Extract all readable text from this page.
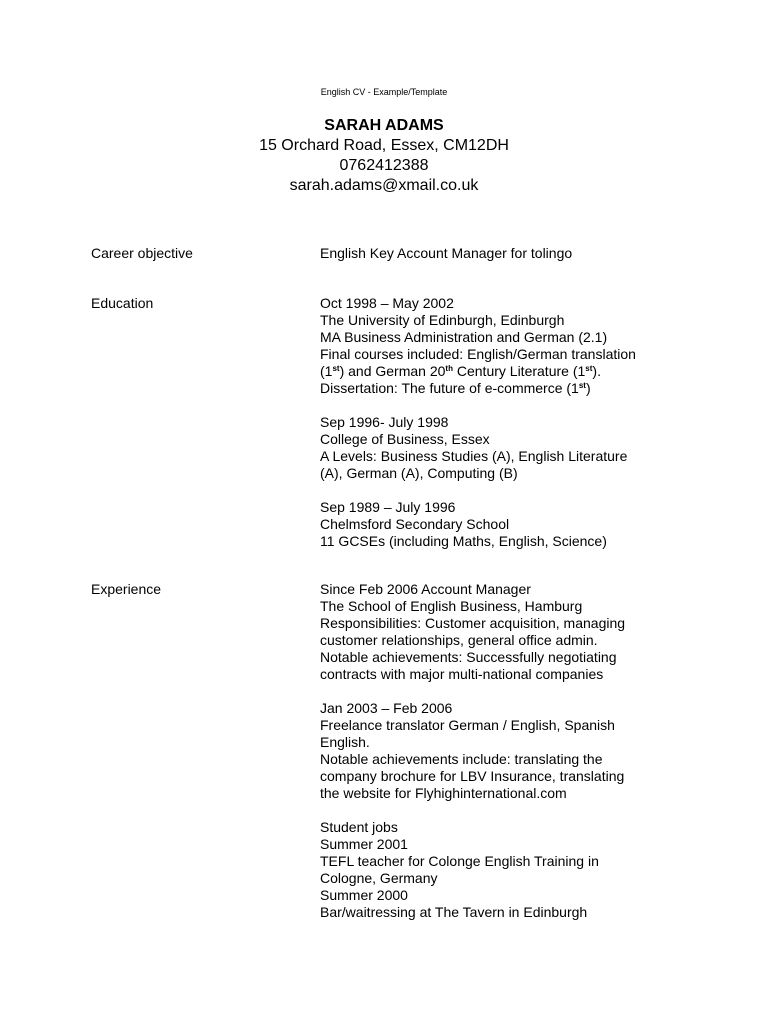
English CV - Example/Template
SARAH ADAMS
15 Orchard Road, Essex, CM12DH
0762412388
sarah.adams@xmail.co.uk
Career objective	English Key Account Manager for tolingo
Education	Oct 1998 – May 2002
The University of Edinburgh, Edinburgh
MA Business Administration and German (2.1)
Final courses included: English/German translation
(1st) and German 20th Century Literature (1st).
Dissertation: The future of e-commerce (1st)
Sep 1996- July 1998
College of Business, Essex
A Levels: Business Studies (A), English Literature
(A), German (A), Computing (B)
Sep 1989 – July 1996
Chelmsford Secondary School
11 GCSEs (including Maths, English, Science)
Experience	Since Feb 2006 Account Manager
The School of English Business, Hamburg
Responsibilities: Customer acquisition, managing
customer relationships, general office admin.
Notable achievements: Successfully negotiating
contracts with major multi-national companies
Jan 2003 – Feb 2006
Freelance translator German / English, Spanish
English.
Notable achievements include: translating the
company brochure for LBV Insurance, translating
the website for Flyhighinternational.com
Student jobs
Summer 2001
TEFL teacher for Colonge English Training in
Cologne, Germany
Summer 2000
Bar/waitressing at The Tavern in Edinburgh
